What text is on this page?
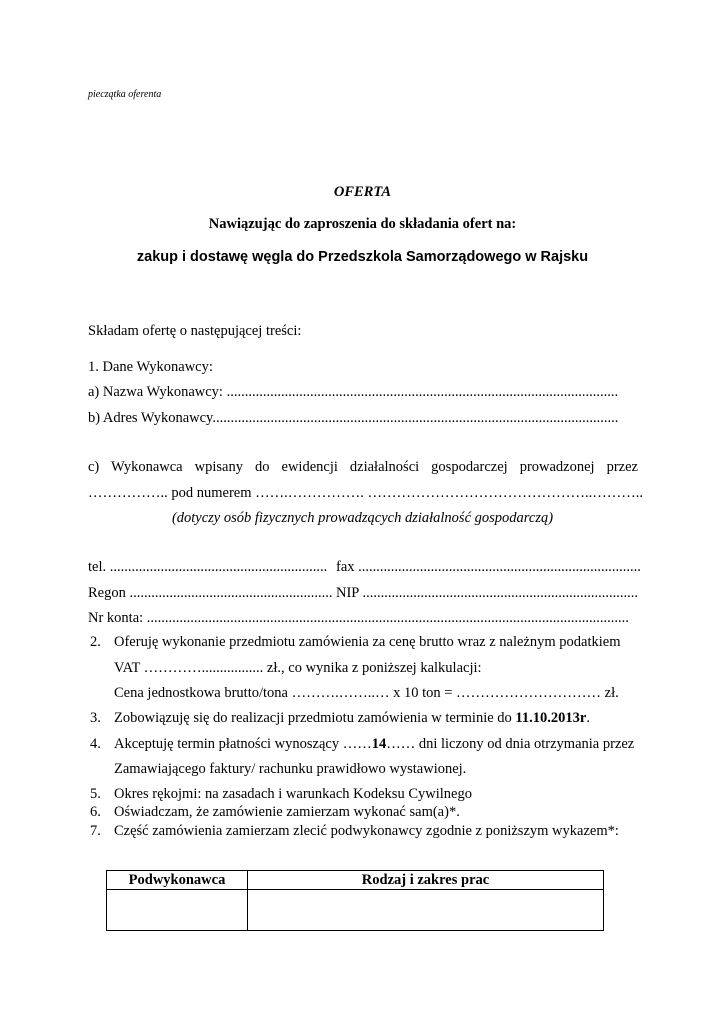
pieczątka oferenta
OFERTA
Nawiązując do zaproszenia do składania ofert na:
zakup i dostawę węgla do Przedszkola Samorządowego w Rajsku
Składam ofertę o następującej treści:
1. Dane Wykonawcy:
a) Nazwa Wykonawcy: ............................................................................................................
b) Adres Wykonawcy................................................................................................................
c) Wykonawca wpisany do ewidencji działalności gospodarczej prowadzonej przez
…………….. pod numerem …….……………. ………………………………………..………..
(dotyczy osób fizycznych prowadzących działalność gospodarczą)
tel. ............................................................ fax ..............................................................................
Regon ........................................................ NIP ............................................................................
Nr konta: .....................................................................................................................................
2. Oferuję wykonanie przedmiotu zamówienia za cenę brutto wraz z należnym podatkiem
VAT …………................. zł., co wynika z poniższej kalkulacji:
Cena jednostkowa brutto/tona ……….……..… x 10 ton = ………………………… zł.
3. Zobowiązuję się do realizacji przedmiotu zamówienia w terminie do 11.10.2013r.
4. Akceptuję termin płatności wynoszący ……14…… dni liczony od dnia otrzymania przez
Zamawiającego faktury/ rachunku prawidłowo wystawionej.
5. Okres rękojmi: na zasadach i warunkach Kodeksu Cywilnego
6. Oświadczam, że zamówienie zamierzam wykonać sam(a)*.
7. Część zamówienia zamierzam zlecić podwykonawcy zgodnie z poniższym wykazem*:
Podwykonawca	Rodzaj i zakres prac
